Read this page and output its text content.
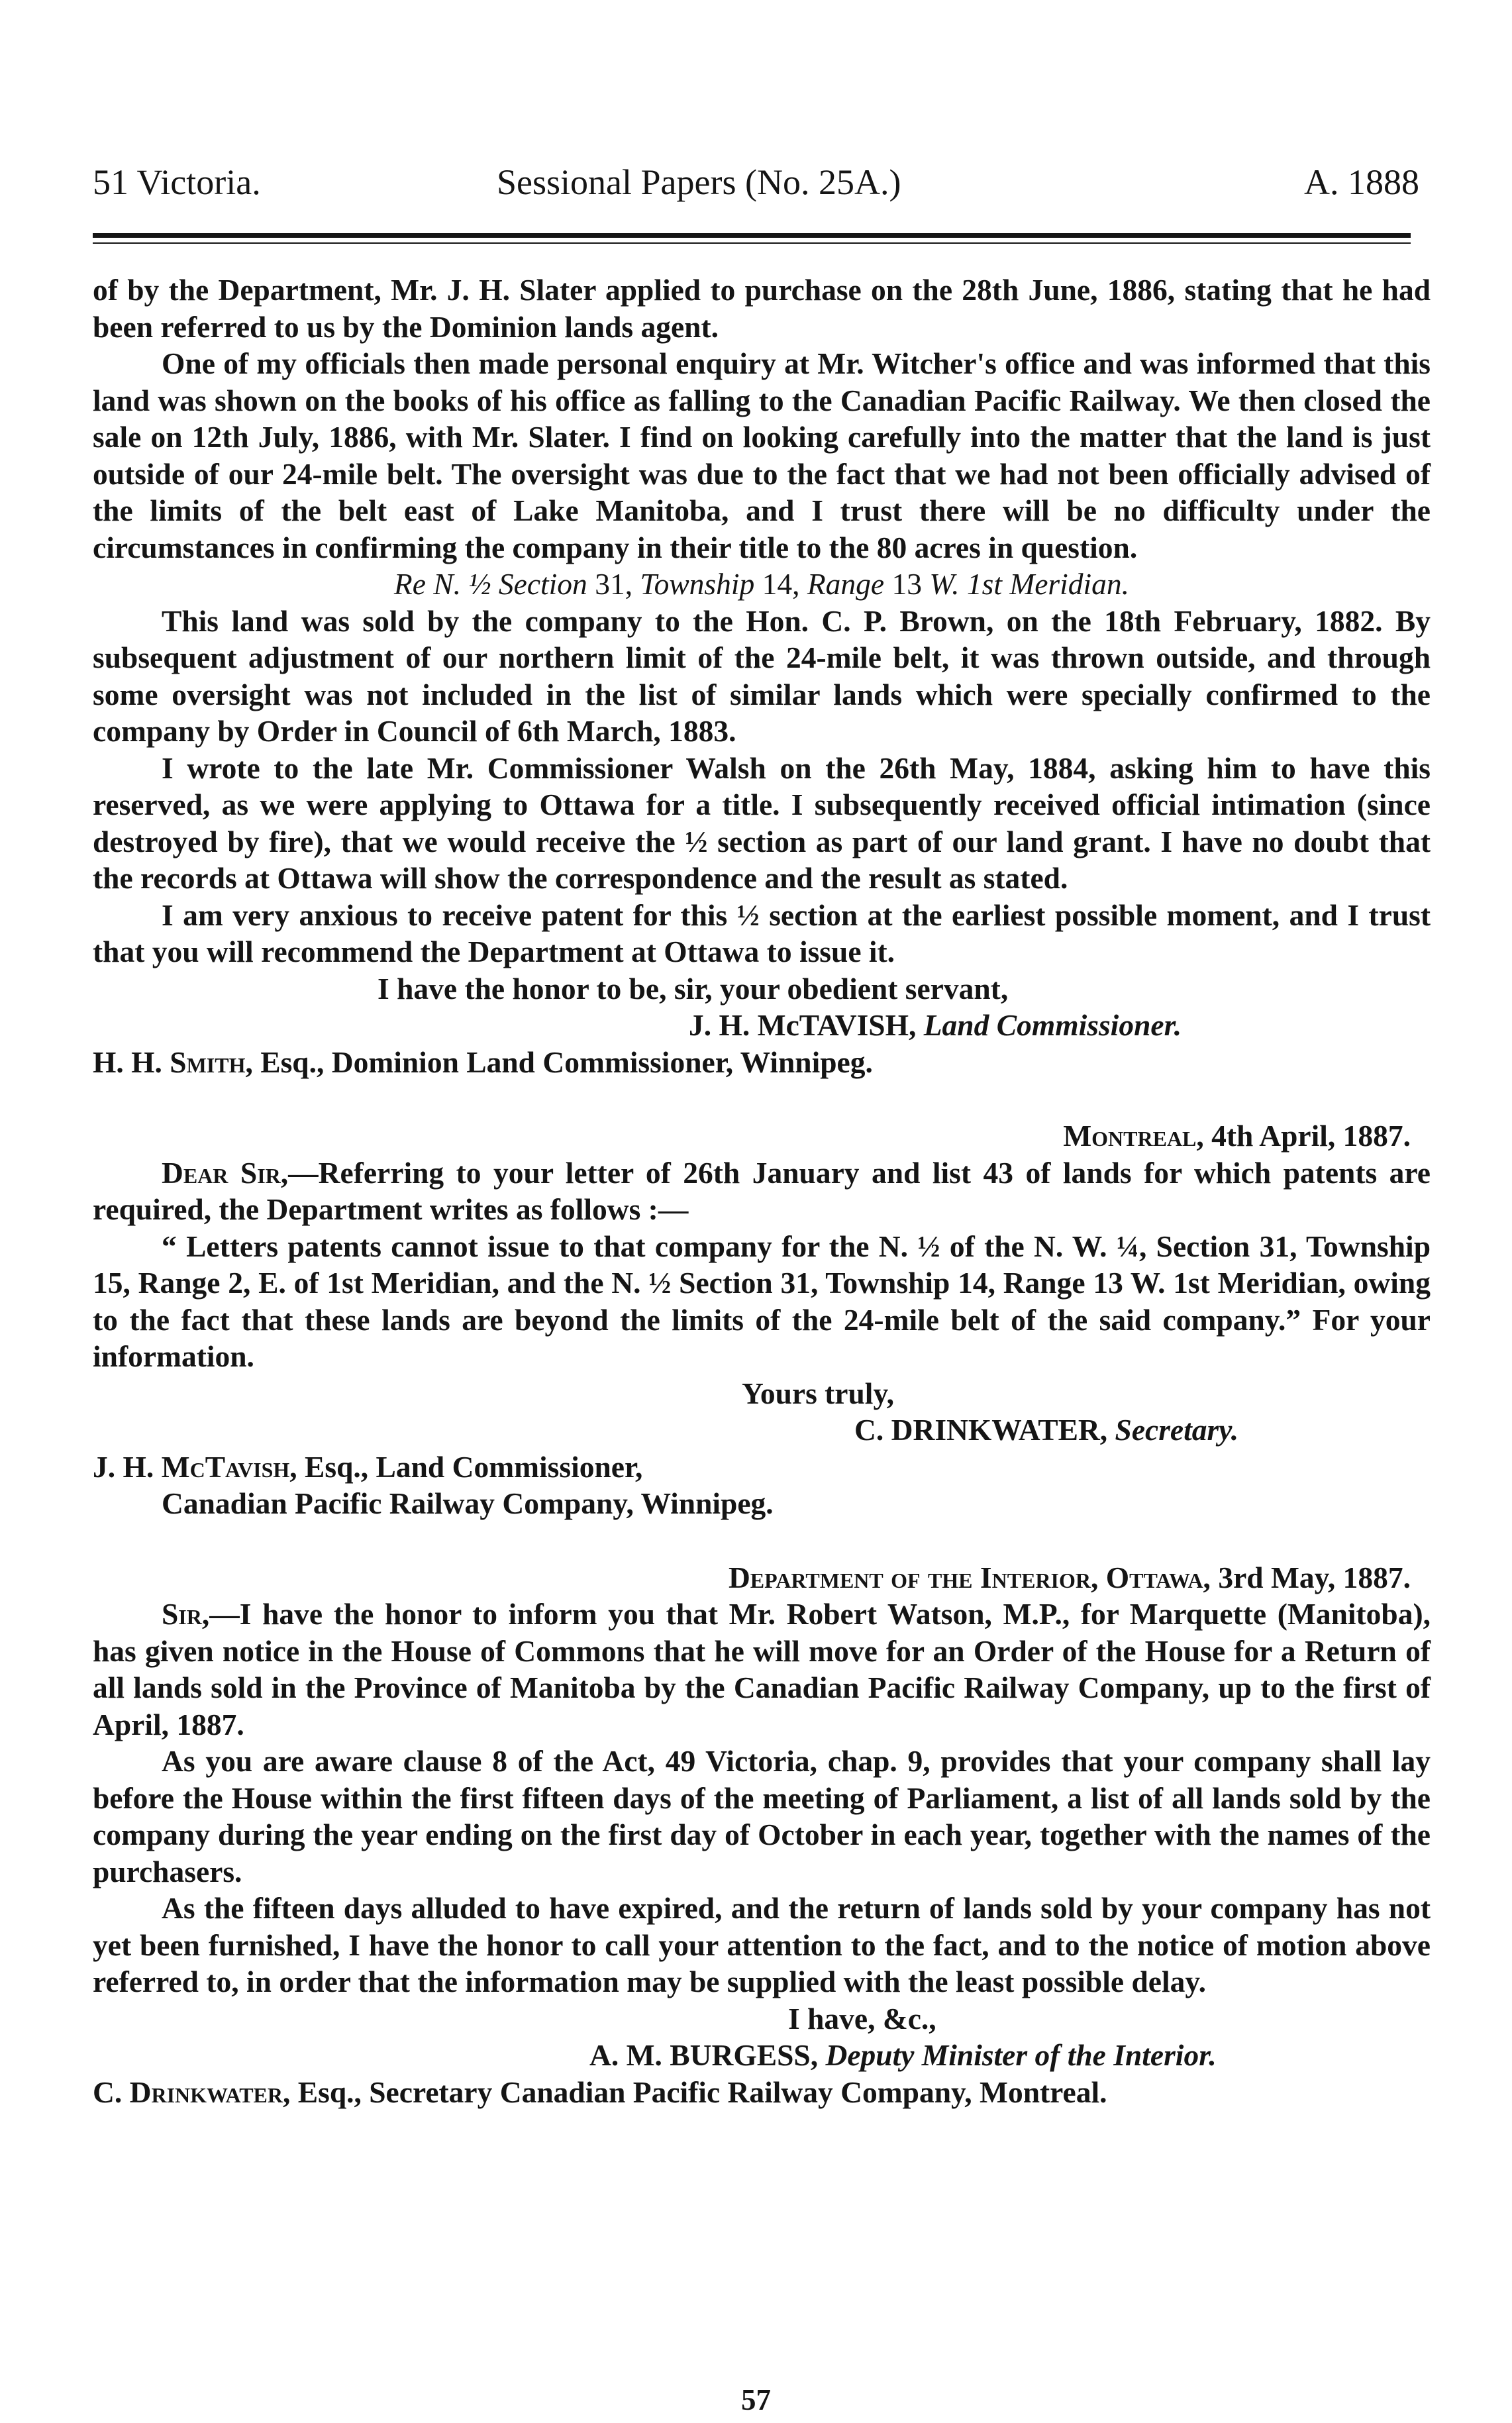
51 Victoria.	Sessional Papers (No. 25A.)	A. 1888

of by the Department, Mr. J. H. Slater applied to purchase on the 28th June, 1886, stating that he had been referred to us by the Dominion lands agent.

One of my officials then made personal enquiry at Mr. Witcher's office and was informed that this land was shown on the books of his office as falling to the Canadian Pacific Railway. We then closed the sale on 12th July, 1886, with Mr. Slater. I find on looking carefully into the matter that the land is just outside of our 24-mile belt. The oversight was due to the fact that we had not been officially advised of the limits of the belt east of Lake Manitoba, and I trust there will be no difficulty under the circumstances in confirming the company in their title to the 80 acres in question.

Re N. ½ Section 31, Township 14, Range 13 W. 1st Meridian.

This land was sold by the company to the Hon. C. P. Brown, on the 18th February, 1882. By subsequent adjustment of our northern limit of the 24-mile belt, it was thrown outside, and through some oversight was not included in the list of similar lands which were specially confirmed to the company by Order in Council of 6th March, 1883.

I wrote to the late Mr. Commissioner Walsh on the 26th May, 1884, asking him to have this reserved, as we were applying to Ottawa for a title. I subsequently received official intimation (since destroyed by fire), that we would receive the ½ section as part of our land grant. I have no doubt that the records at Ottawa will show the correspondence and the result as stated.

I am very anxious to receive patent for this ½ section at the earliest possible moment, and I trust that you will recommend the Department at Ottawa to issue it.

I have the honor to be, sir, your obedient servant,

J. H. McTAVISH, Land Commissioner.

H. H. Smith, Esq., Dominion Land Commissioner, Winnipeg.

Montreal, 4th April, 1887.

Dear Sir,—Referring to your letter of 26th January and list 43 of lands for which patents are required, the Department writes as follows :—

“ Letters patents cannot issue to that company for the N. ½ of the N. W. ¼, Section 31, Township 15, Range 2, E. of 1st Meridian, and the N. ½ Section 31, Township 14, Range 13 W. 1st Meridian, owing to the fact that these lands are beyond the limits of the 24-mile belt of the said company.” For your information.

Yours truly,

C. DRINKWATER, Secretary.

J. H. McTavish, Esq., Land Commissioner,

Canadian Pacific Railway Company, Winnipeg.

Department of the Interior, Ottawa, 3rd May, 1887.

Sir,—I have the honor to inform you that Mr. Robert Watson, M.P., for Marquette (Manitoba), has given notice in the House of Commons that he will move for an Order of the House for a Return of all lands sold in the Province of Manitoba by the Canadian Pacific Railway Company, up to the first of April, 1887.

As you are aware clause 8 of the Act, 49 Victoria, chap. 9, provides that your company shall lay before the House within the first fifteen days of the meeting of Parliament, a list of all lands sold by the company during the year ending on the first day of October in each year, together with the names of the purchasers.

As the fifteen days alluded to have expired, and the return of lands sold by your company has not yet been furnished, I have the honor to call your attention to the fact, and to the notice of motion above referred to, in order that the information may be supplied with the least possible delay.

I have, &c.,

A. M. BURGESS, Deputy Minister of the Interior.

C. Drinkwater, Esq., Secretary Canadian Pacific Railway Company, Montreal.

57
